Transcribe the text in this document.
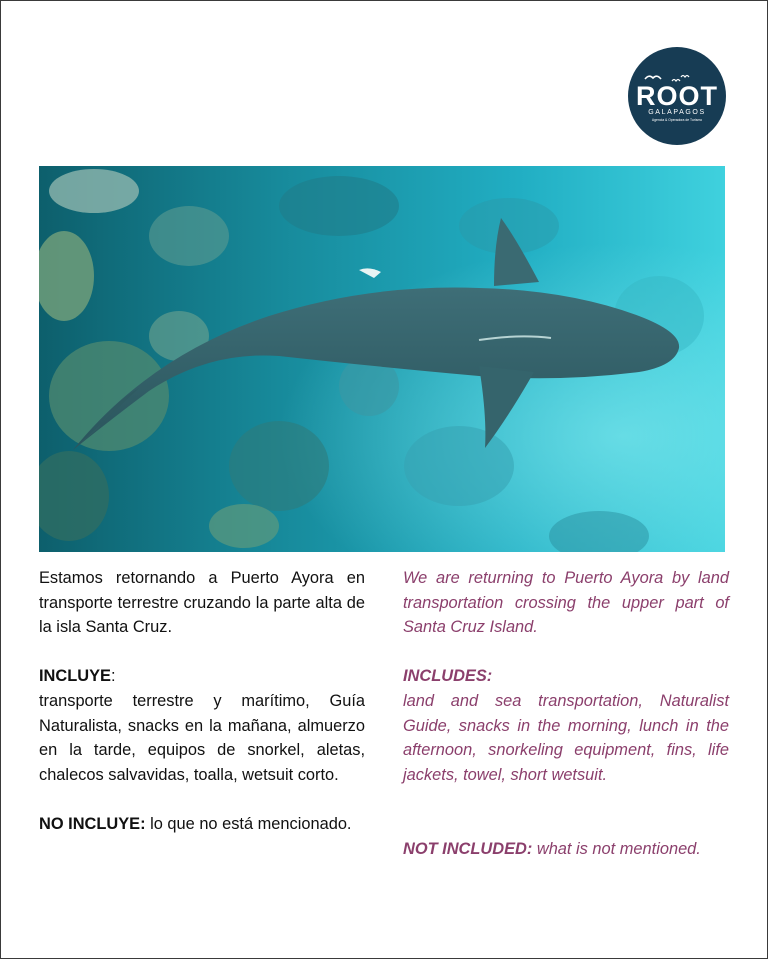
ROOT
GALAPAGOS
Agencia & Operadora de Turismo

Estamos retornando a Puerto Ayora en transporte terrestre cruzando la parte alta de la isla Santa Cruz.

INCLUYE:

transporte terrestre y marítimo, Guía Naturalista, snacks en la mañana, almuerzo en la tarde, equipos de snorkel, aletas, chalecos salvavidas, toalla, wetsuit corto.

NO INCLUYE: lo que no está mencionado.

We are returning to Puerto Ayora by land transportation crossing the upper part of Santa Cruz Island.

INCLUDES:

land and sea transportation, Naturalist Guide, snacks in the morning, lunch in the afternoon, snorkeling equipment, fins, life jackets, towel, short wetsuit.

NOT INCLUDED: what is not mentioned.
